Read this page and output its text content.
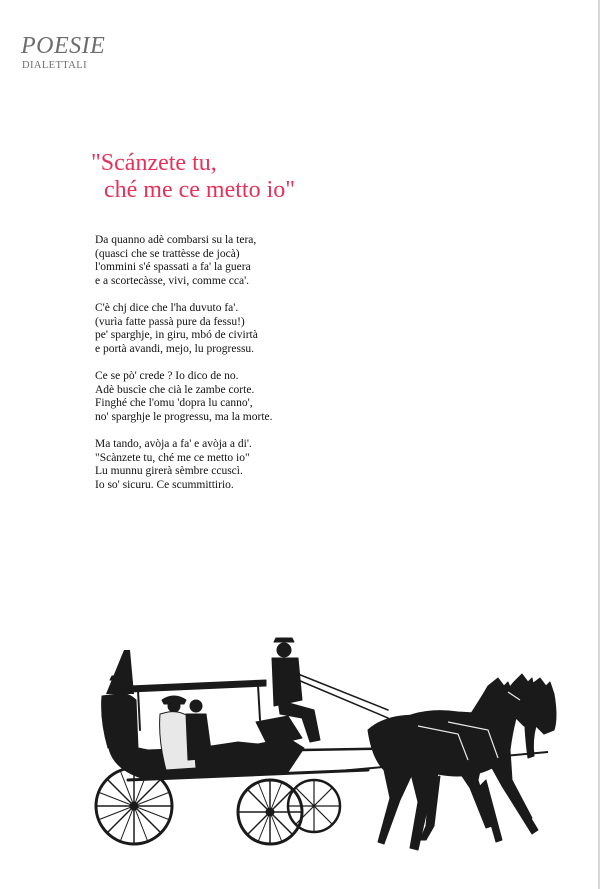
POESIE
DIALETTALI
"Scánzete tu,
ché me ce metto io"
Da quanno adè combarsi su la tera,
(quasci che se trattèsse de jocà)
l'ommini s'é spassati a fa' la guera
e a scortecàsse, vivi, comme cca'.
C'è chj dice che l'ha duvuto fa'.
(vurìa fatte passà pure da fessu!)
pe' sparghje, in giru, mbó de civirtà
e portà avandi, mejo, lu progressu.
Ce se pò' crede ? Io dico de no.
Adè buscìe che cià le zambe corte.
Finghé che l'omu 'dopra lu canno',
no' sparghje le progressu, ma la morte.
Ma tando, avòja a fa' e avòja a di'.
"Scànzete tu, ché me ce metto io"
Lu munnu girerà sèmbre ccuscì.
Io so' sicuru. Ce scummittirio.
